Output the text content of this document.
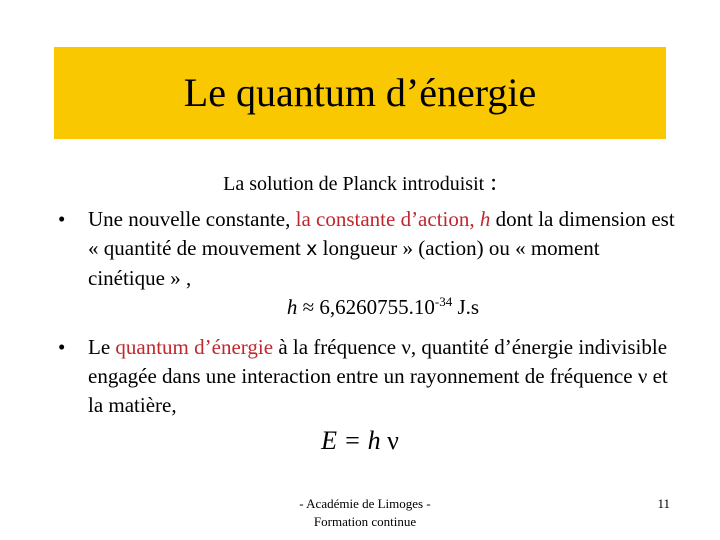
Le quantum d’énergie
La solution de Planck introduisit :
•	Une nouvelle constante, la constante d’action, h dont la dimension est « quantité de mouvement x longueur » (action) ou « moment cinétique » ,
$h \approx 6,6260755.10^{-34}$ J.s
•	Le quantum d’énergie à la fréquence ν, quantité d’énergie indivisible engagée dans une interaction entre un rayonnement de fréquence ν et la matière,
E = h ν
- Académie de Limoges -
Formation continue
11
